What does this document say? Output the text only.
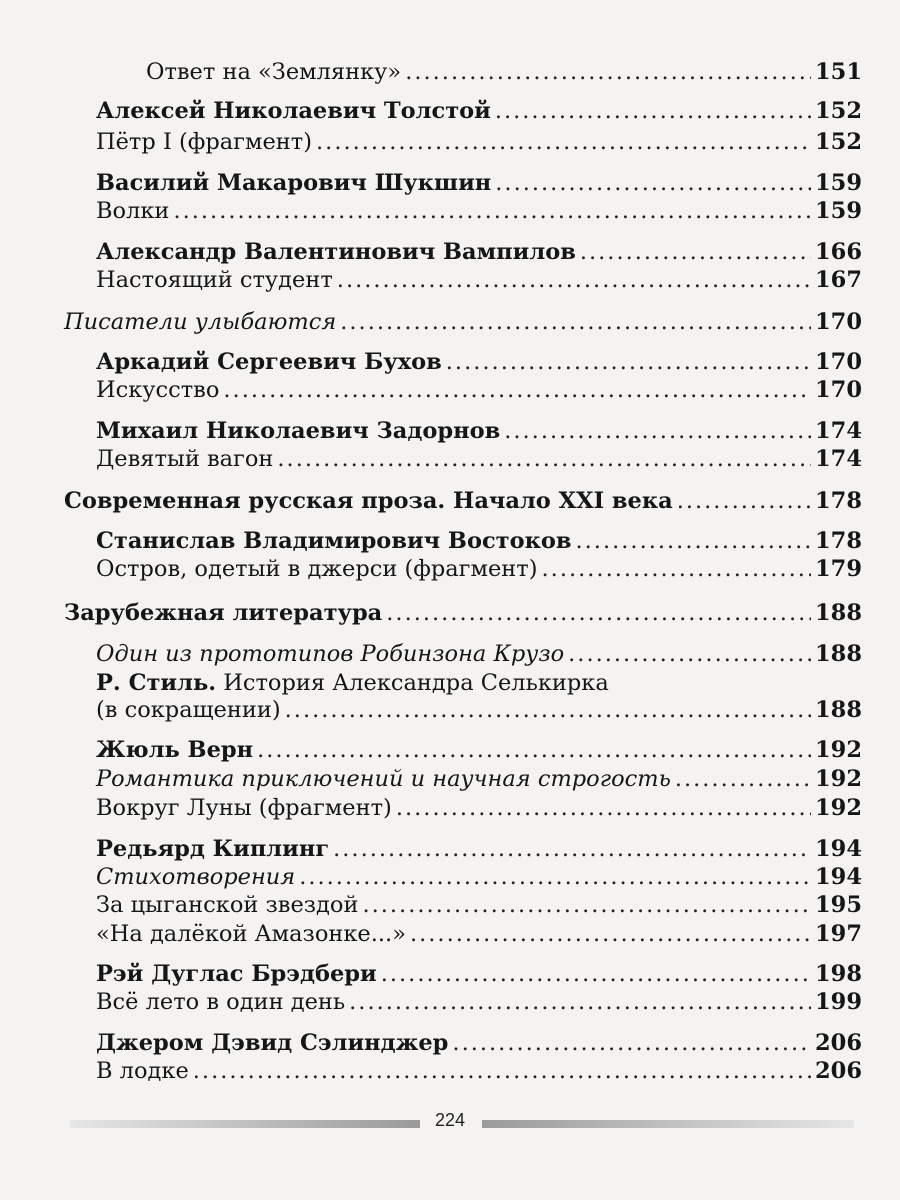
Ответ на «Землянку» .....	151
Алексей Николаевич Толстой .....	152
Пётр I (фрагмент) .....	152
Василий Макарович Шукшин .....	159
Волки .....	159
Александр Валентинович Вампилов .....	166
Настоящий студент .....	167
Писатели улыбаются .....	170
Аркадий Сергеевич Бухов .....	170
Искусство .....	170
Михаил Николаевич Задорнов .....	174
Девятый вагон .....	174
Современная русская проза. Начало XXI века .....	178
Станислав Владимирович Востоков .....	178
Остров, одетый в джерси (фрагмент) .....	179
Зарубежная литература .....	188
Один из прототипов Робинзона Крузо .....	188
Р. Стиль. История Александра Селькирка
(в сокращении) .....	188
Жюль Верн .....	192
Романтика приключений и научная строгость .....	192
Вокруг Луны (фрагмент) .....	192
Редьярд Киплинг .....	194
Стихотворения .....	194
За цыганской звездой .....	195
«На далёкой Амазонке...» .....	197
Рэй Дуглас Брэдбери .....	198
Всё лето в один день .....	199
Джером Дэвид Сэлинджер .....	206
В лодке .....	206
224
